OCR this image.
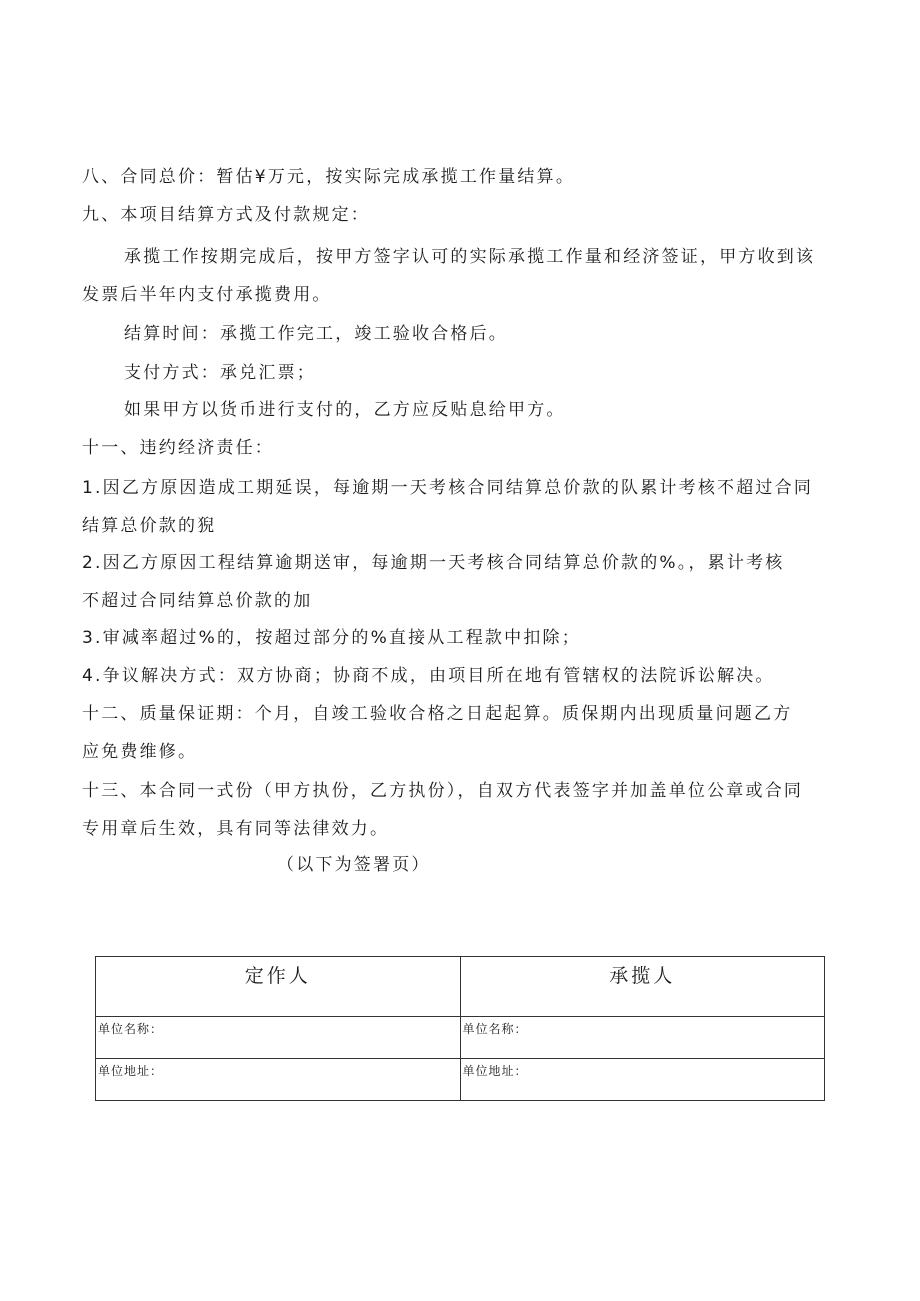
八、合同总价：暂估¥万元，按实际完成承揽工作量结算。
九、本项目结算方式及付款规定：
承揽工作按期完成后，按甲方签字认可的实际承揽工作量和经济签证，甲方收到该
发票后半年内支付承揽费用。
结算时间：承揽工作完工，竣工验收合格后。
支付方式：承兑汇票；
如果甲方以货币进行支付的，乙方应反贴息给甲方。
十一、违约经济责任：
1.因乙方原因造成工期延误，每逾期一天考核合同结算总价款的队累计考核不超过合同
结算总价款的猊
2.因乙方原因工程结算逾期送审，每逾期一天考核合同结算总价款的%。，累计考核
不超过合同结算总价款的加
3.审减率超过%的，按超过部分的%直接从工程款中扣除；
4.争议解决方式：双方协商；协商不成，由项目所在地有管辖权的法院诉讼解决。
十二、质量保证期：个月，自竣工验收合格之日起起算。质保期内出现质量问题乙方
应免费维修。
十三、本合同一式份（甲方执份，乙方执份），自双方代表签字并加盖单位公章或合同
专用章后生效，具有同等法律效力。
（以下为签署页）
定作人	承揽人
单位名称：	单位名称：
单位地址：	单位地址：
